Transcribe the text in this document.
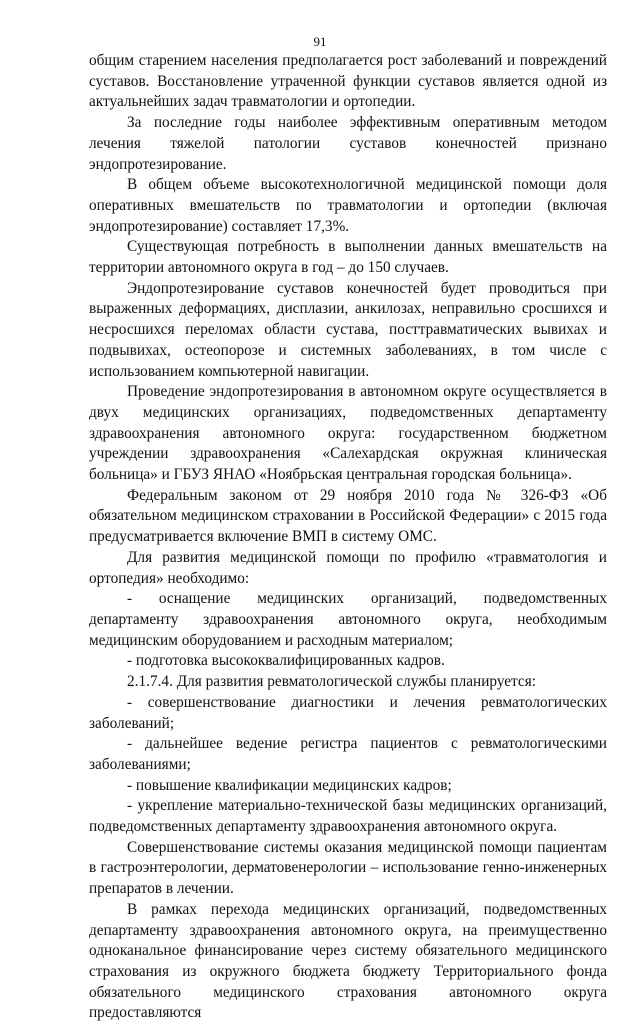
91

общим старением населения предполагается рост заболеваний и повреждений суставов. Восстановление утраченной функции суставов является одной из актуальнейших задач травматологии и ортопедии.

За последние годы наиболее эффективным оперативным методом лечения тяжелой патологии суставов конечностей признано эндопротезирование.

В общем объеме высокотехнологичной медицинской помощи доля оперативных вмешательств по травматологии и ортопедии (включая эндопротезирование) составляет 17,3%.

Существующая потребность в выполнении данных вмешательств на территории автономного округа в год – до 150 случаев.

Эндопротезирование суставов конечностей будет проводиться при выраженных деформациях, дисплазии, анкилозах, неправильно сросшихся и несросшихся переломах области сустава, посттравматических вывихах и подвывихах, остеопорозе и системных заболеваниях, в том числе с использованием компьютерной навигации.

Проведение эндопротезирования в автономном округе осуществляется в двух медицинских организациях, подведомственных департаменту здравоохранения автономного округа: государственном бюджетном учреждении здравоохранения «Салехардская окружная клиническая больница» и ГБУЗ ЯНАО «Ноябрьская центральная городская больница».

Федеральным законом от 29 ноября 2010 года № 326-ФЗ «Об обязательном медицинском страховании в Российской Федерации» с 2015 года предусматривается включение ВМП в систему ОМС.

Для развития медицинской помощи по профилю «травматология и ортопедия» необходимо:

- оснащение медицинских организаций, подведомственных департаменту здравоохранения автономного округа, необходимым медицинским оборудованием и расходным материалом;

- подготовка высококвалифицированных кадров.

2.1.7.4. Для развития ревматологической службы планируется:

- совершенствование диагностики и лечения ревматологических заболеваний;

- дальнейшее ведение регистра пациентов с ревматологическими заболеваниями;

- повышение квалификации медицинских кадров;

- укрепление материально-технической базы медицинских организаций, подведомственных департаменту здравоохранения автономного округа.

Совершенствование системы оказания медицинской помощи пациентам в гастроэнтерологии, дерматовенерологии – использование генно-инженерных препаратов в лечении.

В рамках перехода медицинских организаций, подведомственных департаменту здравоохранения автономного округа, на преимущественно одноканальное финансирование через систему обязательного медицинского страхования из окружного бюджета бюджету Территориального фонда обязательного медицинского страхования автономного округа предоставляются
